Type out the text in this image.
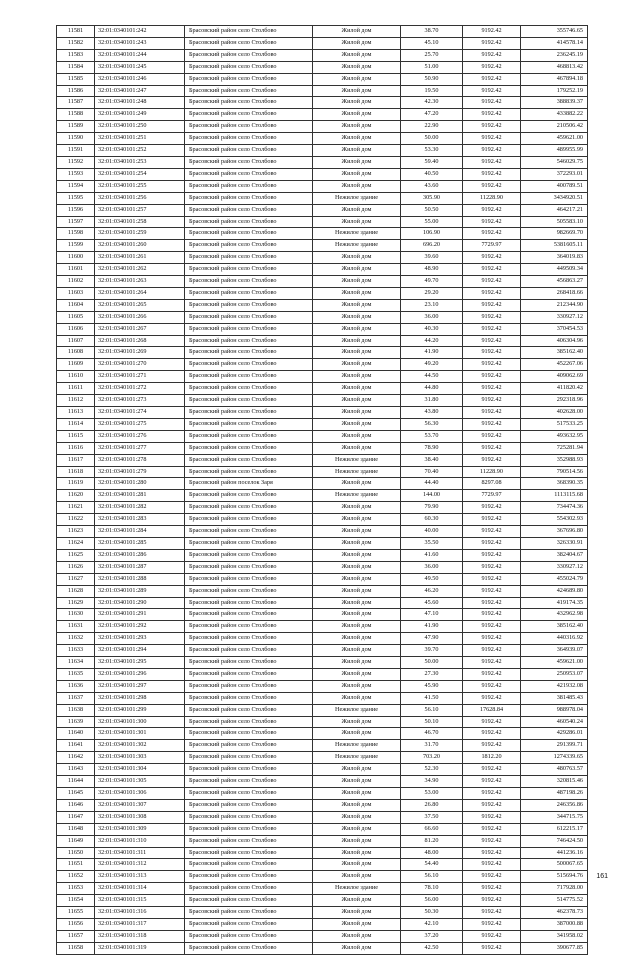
11581	32:01:0340101:242	Брасовский район село Столбово	Жилой дом	38.70	9192.42	355746.65
11582	32:01:0340101:243	Брасовский район село Столбово	Жилой дом	45.10	9192.42	414578.14
11583	32:01:0340101:244	Брасовский район село Столбово	Жилой дом	25.70	9192.42	236245.19
11584	32:01:0340101:245	Брасовский район село Столбово	Жилой дом	51.00	9192.42	468813.42
11585	32:01:0340101:246	Брасовский район село Столбово	Жилой дом	50.90	9192.42	467894.18
11586	32:01:0340101:247	Брасовский район село Столбово	Жилой дом	19.50	9192.42	179252.19
11587	32:01:0340101:248	Брасовский район село Столбово	Жилой дом	42.30	9192.42	388839.37
11588	32:01:0340101:249	Брасовский район село Столбово	Жилой дом	47.20	9192.42	433882.22
11589	32:01:0340101:250	Брасовский район село Столбово	Жилой дом	22.90	9192.42	210506.42
11590	32:01:0340101:251	Брасовский район село Столбово	Жилой дом	50.00	9192.42	459621.00
11591	32:01:0340101:252	Брасовский район село Столбово	Жилой дом	53.30	9192.42	489955.99
11592	32:01:0340101:253	Брасовский район село Столбово	Жилой дом	59.40	9192.42	546029.75
11593	32:01:0340101:254	Брасовский район село Столбово	Жилой дом	40.50	9192.42	372293.01
11594	32:01:0340101:255	Брасовский район село Столбово	Жилой дом	43.60	9192.42	400789.51
11595	32:01:0340101:256	Брасовский район село Столбово	Нежилое здание	305.90	11228.90	3434920.51
11596	32:01:0340101:257	Брасовский район село Столбово	Жилой дом	50.50	9192.42	464217.21
11597	32:01:0340101:258	Брасовский район село Столбово	Жилой дом	55.00	9192.42	505583.10
11598	32:01:0340101:259	Брасовский район село Столбово	Нежилое здание	106.90	9192.42	982669.70
11599	32:01:0340101:260	Брасовский район село Столбово	Нежилое здание	696.20	7729.97	5381605.11
11600	32:01:0340101:261	Брасовский район село Столбово	Жилой дом	39.60	9192.42	364019.83
11601	32:01:0340101:262	Брасовский район село Столбово	Жилой дом	48.90	9192.42	449509.34
11602	32:01:0340101:263	Брасовский район село Столбово	Жилой дом	49.70	9192.42	456863.27
11603	32:01:0340101:264	Брасовский район село Столбово	Жилой дом	29.20	9192.42	268418.66
11604	32:01:0340101:265	Брасовский район село Столбово	Жилой дом	23.10	9192.42	212344.90
11605	32:01:0340101:266	Брасовский район село Столбово	Жилой дом	36.00	9192.42	330927.12
11606	32:01:0340101:267	Брасовский район село Столбово	Жилой дом	40.30	9192.42	370454.53
11607	32:01:0340101:268	Брасовский район село Столбово	Жилой дом	44.20	9192.42	406304.96
11608	32:01:0340101:269	Брасовский район село Столбово	Жилой дом	41.90	9192.42	385162.40
11609	32:01:0340101:270	Брасовский район село Столбово	Жилой дом	49.20	9192.42	452267.06
11610	32:01:0340101:271	Брасовский район село Столбово	Жилой дом	44.50	9192.42	409062.69
11611	32:01:0340101:272	Брасовский район село Столбово	Жилой дом	44.80	9192.42	411820.42
11612	32:01:0340101:273	Брасовский район село Столбово	Жилой дом	31.80	9192.42	292318.96
11613	32:01:0340101:274	Брасовский район село Столбово	Жилой дом	43.80	9192.42	402628.00
11614	32:01:0340101:275	Брасовский район село Столбово	Жилой дом	56.30	9192.42	517533.25
11615	32:01:0340101:276	Брасовский район село Столбово	Жилой дом	53.70	9192.42	493632.95
11616	32:01:0340101:277	Брасовский район село Столбово	Жилой дом	78.90	9192.42	725281.94
11617	32:01:0340101:278	Брасовский район село Столбово	Нежилое здание	38.40	9192.42	352988.93
11618	32:01:0340101:279	Брасовский район село Столбово	Нежилое здание	70.40	11228.90	790514.56
11619	32:01:0340101:280	Брасовский район поселок Заря	Жилой дом	44.40	8297.08	368390.35
11620	32:01:0340101:281	Брасовский район село Столбово	Нежилое здание	144.00	7729.97	1113115.68
11621	32:01:0340101:282	Брасовский район село Столбово	Жилой дом	79.90	9192.42	734474.36
11622	32:01:0340101:283	Брасовский район село Столбово	Жилой дом	60.30	9192.42	554302.93
11623	32:01:0340101:284	Брасовский район село Столбово	Жилой дом	40.00	9192.42	367696.80
11624	32:01:0340101:285	Брасовский район село Столбово	Жилой дом	35.50	9192.42	326330.91
11625	32:01:0340101:286	Брасовский район село Столбово	Жилой дом	41.60	9192.42	382404.67
11626	32:01:0340101:287	Брасовский район село Столбово	Жилой дом	36.00	9192.42	330927.12
11627	32:01:0340101:288	Брасовский район село Столбово	Жилой дом	49.50	9192.42	455024.79
11628	32:01:0340101:289	Брасовский район село Столбово	Жилой дом	46.20	9192.42	424689.80
11629	32:01:0340101:290	Брасовский район село Столбово	Жилой дом	45.60	9192.42	419174.35
11630	32:01:0340101:291	Брасовский район село Столбово	Жилой дом	47.10	9192.42	432962.98
11631	32:01:0340101:292	Брасовский район село Столбово	Жилой дом	41.90	9192.42	385162.40
11632	32:01:0340101:293	Брасовский район село Столбово	Жилой дом	47.90	9192.42	440316.92
11633	32:01:0340101:294	Брасовский район село Столбово	Жилой дом	39.70	9192.42	364939.07
11634	32:01:0340101:295	Брасовский район село Столбово	Жилой дом	50.00	9192.42	459621.00
11635	32:01:0340101:296	Брасовский район село Столбово	Жилой дом	27.30	9192.42	250953.07
11636	32:01:0340101:297	Брасовский район село Столбово	Жилой дом	45.90	9192.42	421932.08
11637	32:01:0340101:298	Брасовский район село Столбово	Жилой дом	41.50	9192.42	381485.43
11638	32:01:0340101:299	Брасовский район село Столбово	Нежилое здание	56.10	17628.84	988978.04
11639	32:01:0340101:300	Брасовский район село Столбово	Жилой дом	50.10	9192.42	460540.24
11640	32:01:0340101:301	Брасовский район село Столбово	Жилой дом	46.70	9192.42	429286.01
11641	32:01:0340101:302	Брасовский район село Столбово	Нежилое здание	31.70	9192.42	291399.71
11642	32:01:0340101:303	Брасовский район село Столбово	Нежилое здание	703.20	1812.20	1274339.65
11643	32:01:0340101:304	Брасовский район село Столбово	Жилой дом	52.30	9192.42	480763.57
11644	32:01:0340101:305	Брасовский район село Столбово	Жилой дом	34.90	9192.42	320815.46
11645	32:01:0340101:306	Брасовский район село Столбово	Жилой дом	53.00	9192.42	487198.26
11646	32:01:0340101:307	Брасовский район село Столбово	Жилой дом	26.80	9192.42	246356.86
11647	32:01:0340101:308	Брасовский район село Столбово	Жилой дом	37.50	9192.42	344715.75
11648	32:01:0340101:309	Брасовский район село Столбово	Жилой дом	66.60	9192.42	612215.17
11649	32:01:0340101:310	Брасовский район село Столбово	Жилой дом	81.20	9192.42	746424.50
11650	32:01:0340101:311	Брасовский район село Столбово	Жилой дом	48.00	9192.42	441236.16
11651	32:01:0340101:312	Брасовский район село Столбово	Жилой дом	54.40	9192.42	500067.65
11652	32:01:0340101:313	Брасовский район село Столбово	Жилой дом	56.10	9192.42	515694.76
11653	32:01:0340101:314	Брасовский район село Столбово	Нежилое здание	78.10	9192.42	717928.00
11654	32:01:0340101:315	Брасовский район село Столбово	Жилой дом	56.00	9192.42	514775.52
11655	32:01:0340101:316	Брасовский район село Столбово	Жилой дом	50.30	9192.42	462378.73
11656	32:01:0340101:317	Брасовский район село Столбово	Жилой дом	42.10	9192.42	387000.88
11657	32:01:0340101:318	Брасовский район село Столбово	Жилой дом	37.20	9192.42	341958.02
11658	32:01:0340101:319	Брасовский район село Столбово	Жилой дом	42.50	9192.42	390677.85
161
